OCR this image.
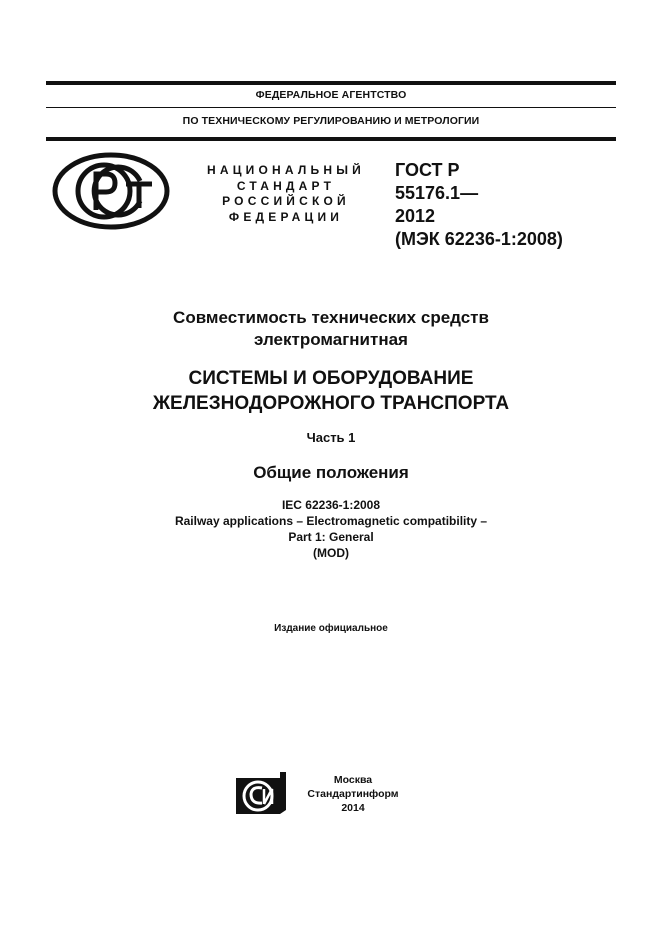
ФЕДЕРАЛЬНОЕ АГЕНТСТВО
ПО ТЕХНИЧЕСКОМУ РЕГУЛИРОВАНИЮ И МЕТРОЛОГИИ
НАЦИОНАЛЬНЫЙ
СТАНДАРТ
РОССИЙСКОЙ
ФЕДЕРАЦИИ
ГОСТ Р
55176.1—
2012
(МЭК 62236-1:2008)
Совместимость технических средств
электромагнитная
СИСТЕМЫ И ОБОРУДОВАНИЕ
ЖЕЛЕЗНОДОРОЖНОГО ТРАНСПОРТА
Часть 1
Общие положения
IEC 62236-1:2008
Railway applications – Electromagnetic compatibility –
Part 1: General
(MOD)
Издание официальное
Москва
Стандартинформ
2014
